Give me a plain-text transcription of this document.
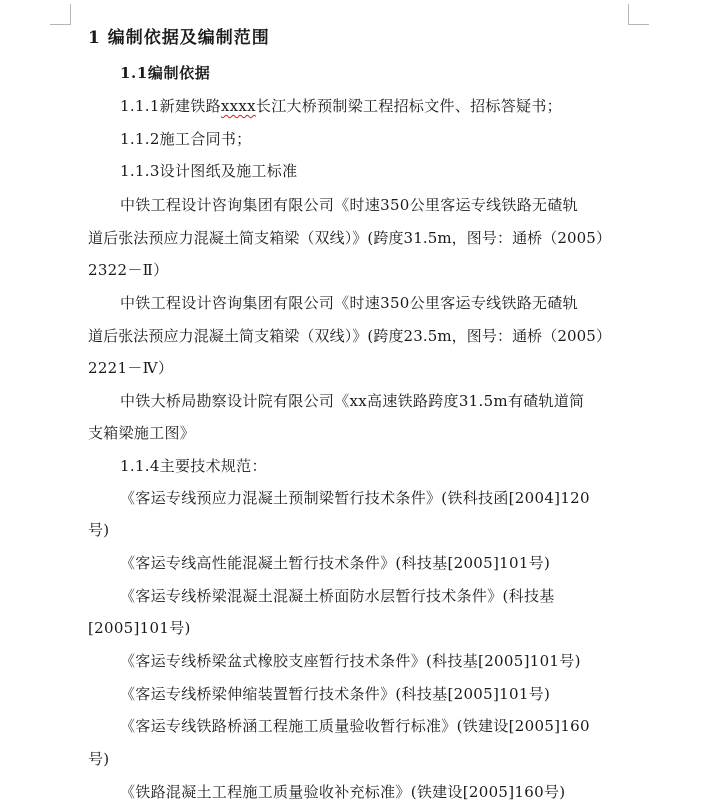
1 编制依据及编制范围
1.1编制依据
1.1.1新建铁路xxxx长江大桥预制梁工程招标文件、招标答疑书；
1.1.2施工合同书；
1.1.3设计图纸及施工标准
中铁工程设计咨询集团有限公司《时速350公里客运专线铁路无碴轨
道后张法预应力混凝土简支箱梁（双线）》(跨度31.5m，图号：通桥（2005）
2322－Ⅱ）
中铁工程设计咨询集团有限公司《时速350公里客运专线铁路无碴轨
道后张法预应力混凝土简支箱梁（双线）》(跨度23.5m，图号：通桥（2005）
2221－Ⅳ）
中铁大桥局勘察设计院有限公司《xx高速铁路跨度31.5m有碴轨道简
支箱梁施工图》
1.1.4主要技术规范：
《客运专线预应力混凝土预制梁暂行技术条件》(铁科技函[2004]120
号)
《客运专线高性能混凝土暂行技术条件》(科技基[2005]101号)
《客运专线桥梁混凝土混凝土桥面防水层暂行技术条件》(科技基
[2005]101号)
《客运专线桥梁盆式橡胶支座暂行技术条件》(科技基[2005]101号)
《客运专线桥梁伸缩装置暂行技术条件》(科技基[2005]101号)
《客运专线铁路桥涵工程施工质量验收暂行标准》(铁建设[2005]160
号)
《铁路混凝土工程施工质量验收补充标准》(铁建设[2005]160号)
